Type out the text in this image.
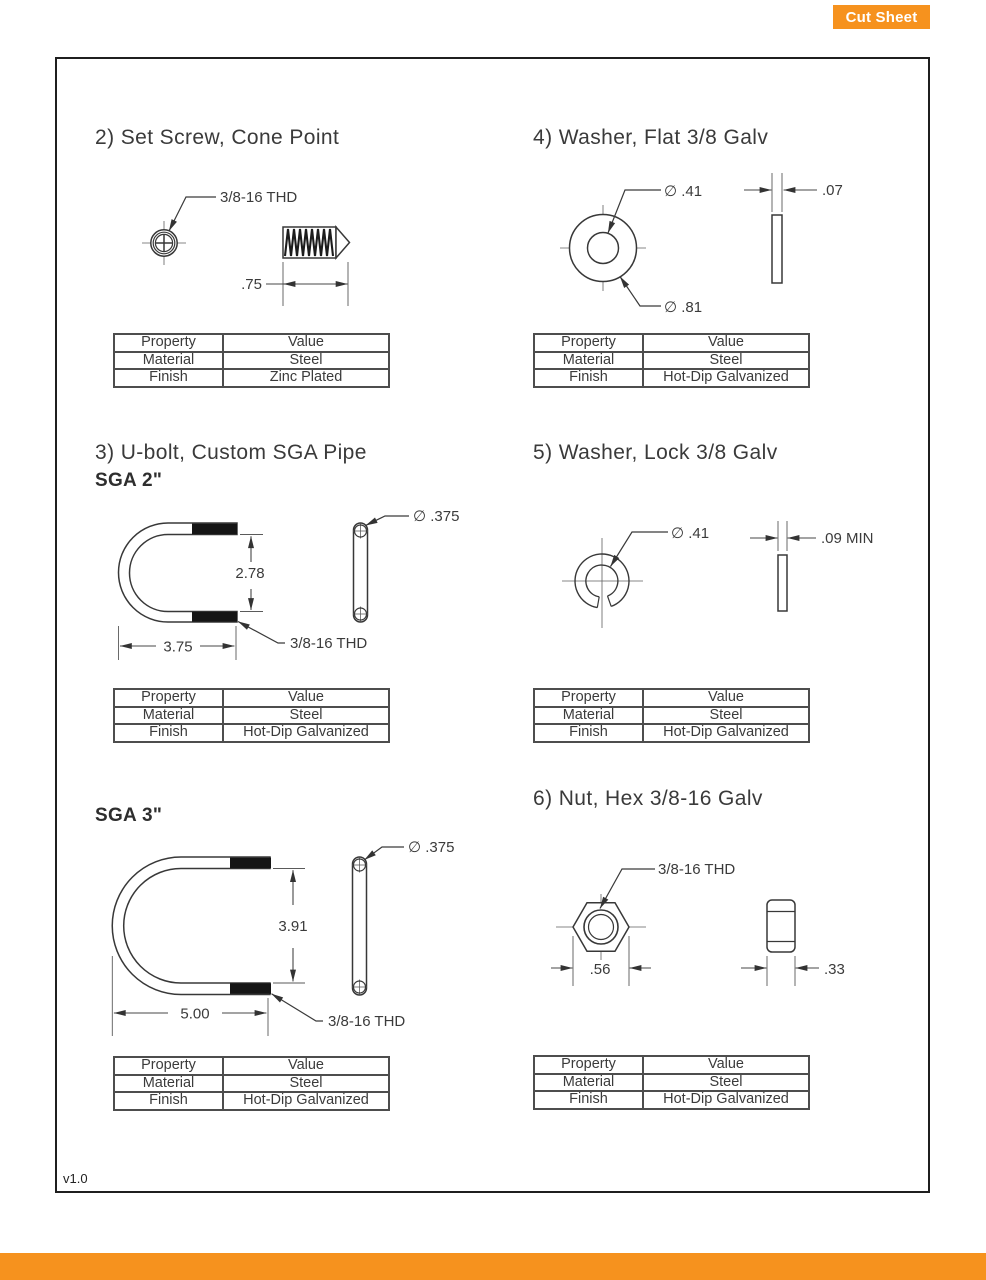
Cut Sheet
2) Set Screw, Cone Point	4) Washer, Flat 3/8 Galv
3) U-bolt, Custom SGA Pipe
SGA 2"
5) Washer, Lock 3/8 Galv
SGA 3"
6) Nut, Hex 3/8-16 Galv
3/8-16 THD
.75
∅ .41
∅ .81
.07
2.78
3.75	3/8-16 THD
∅ .375
∅ .41	.09 MIN
3.91
5.00	3/8-16 THD
∅ .375
3/8-16 THD
.56	.33
Property	Value
Material	Steel
Finish	Zinc Plated
Property	Value
Material	Steel
Finish	Hot-Dip Galvanized
Property	Value
Material	Steel
Finish	Hot-Dip Galvanized
Property	Value
Material	Steel
Finish	Hot-Dip Galvanized
Property	Value
Material	Steel
Finish	Hot-Dip Galvanized
Property	Value
Material	Steel
Finish	Hot-Dip Galvanized
v1.0
